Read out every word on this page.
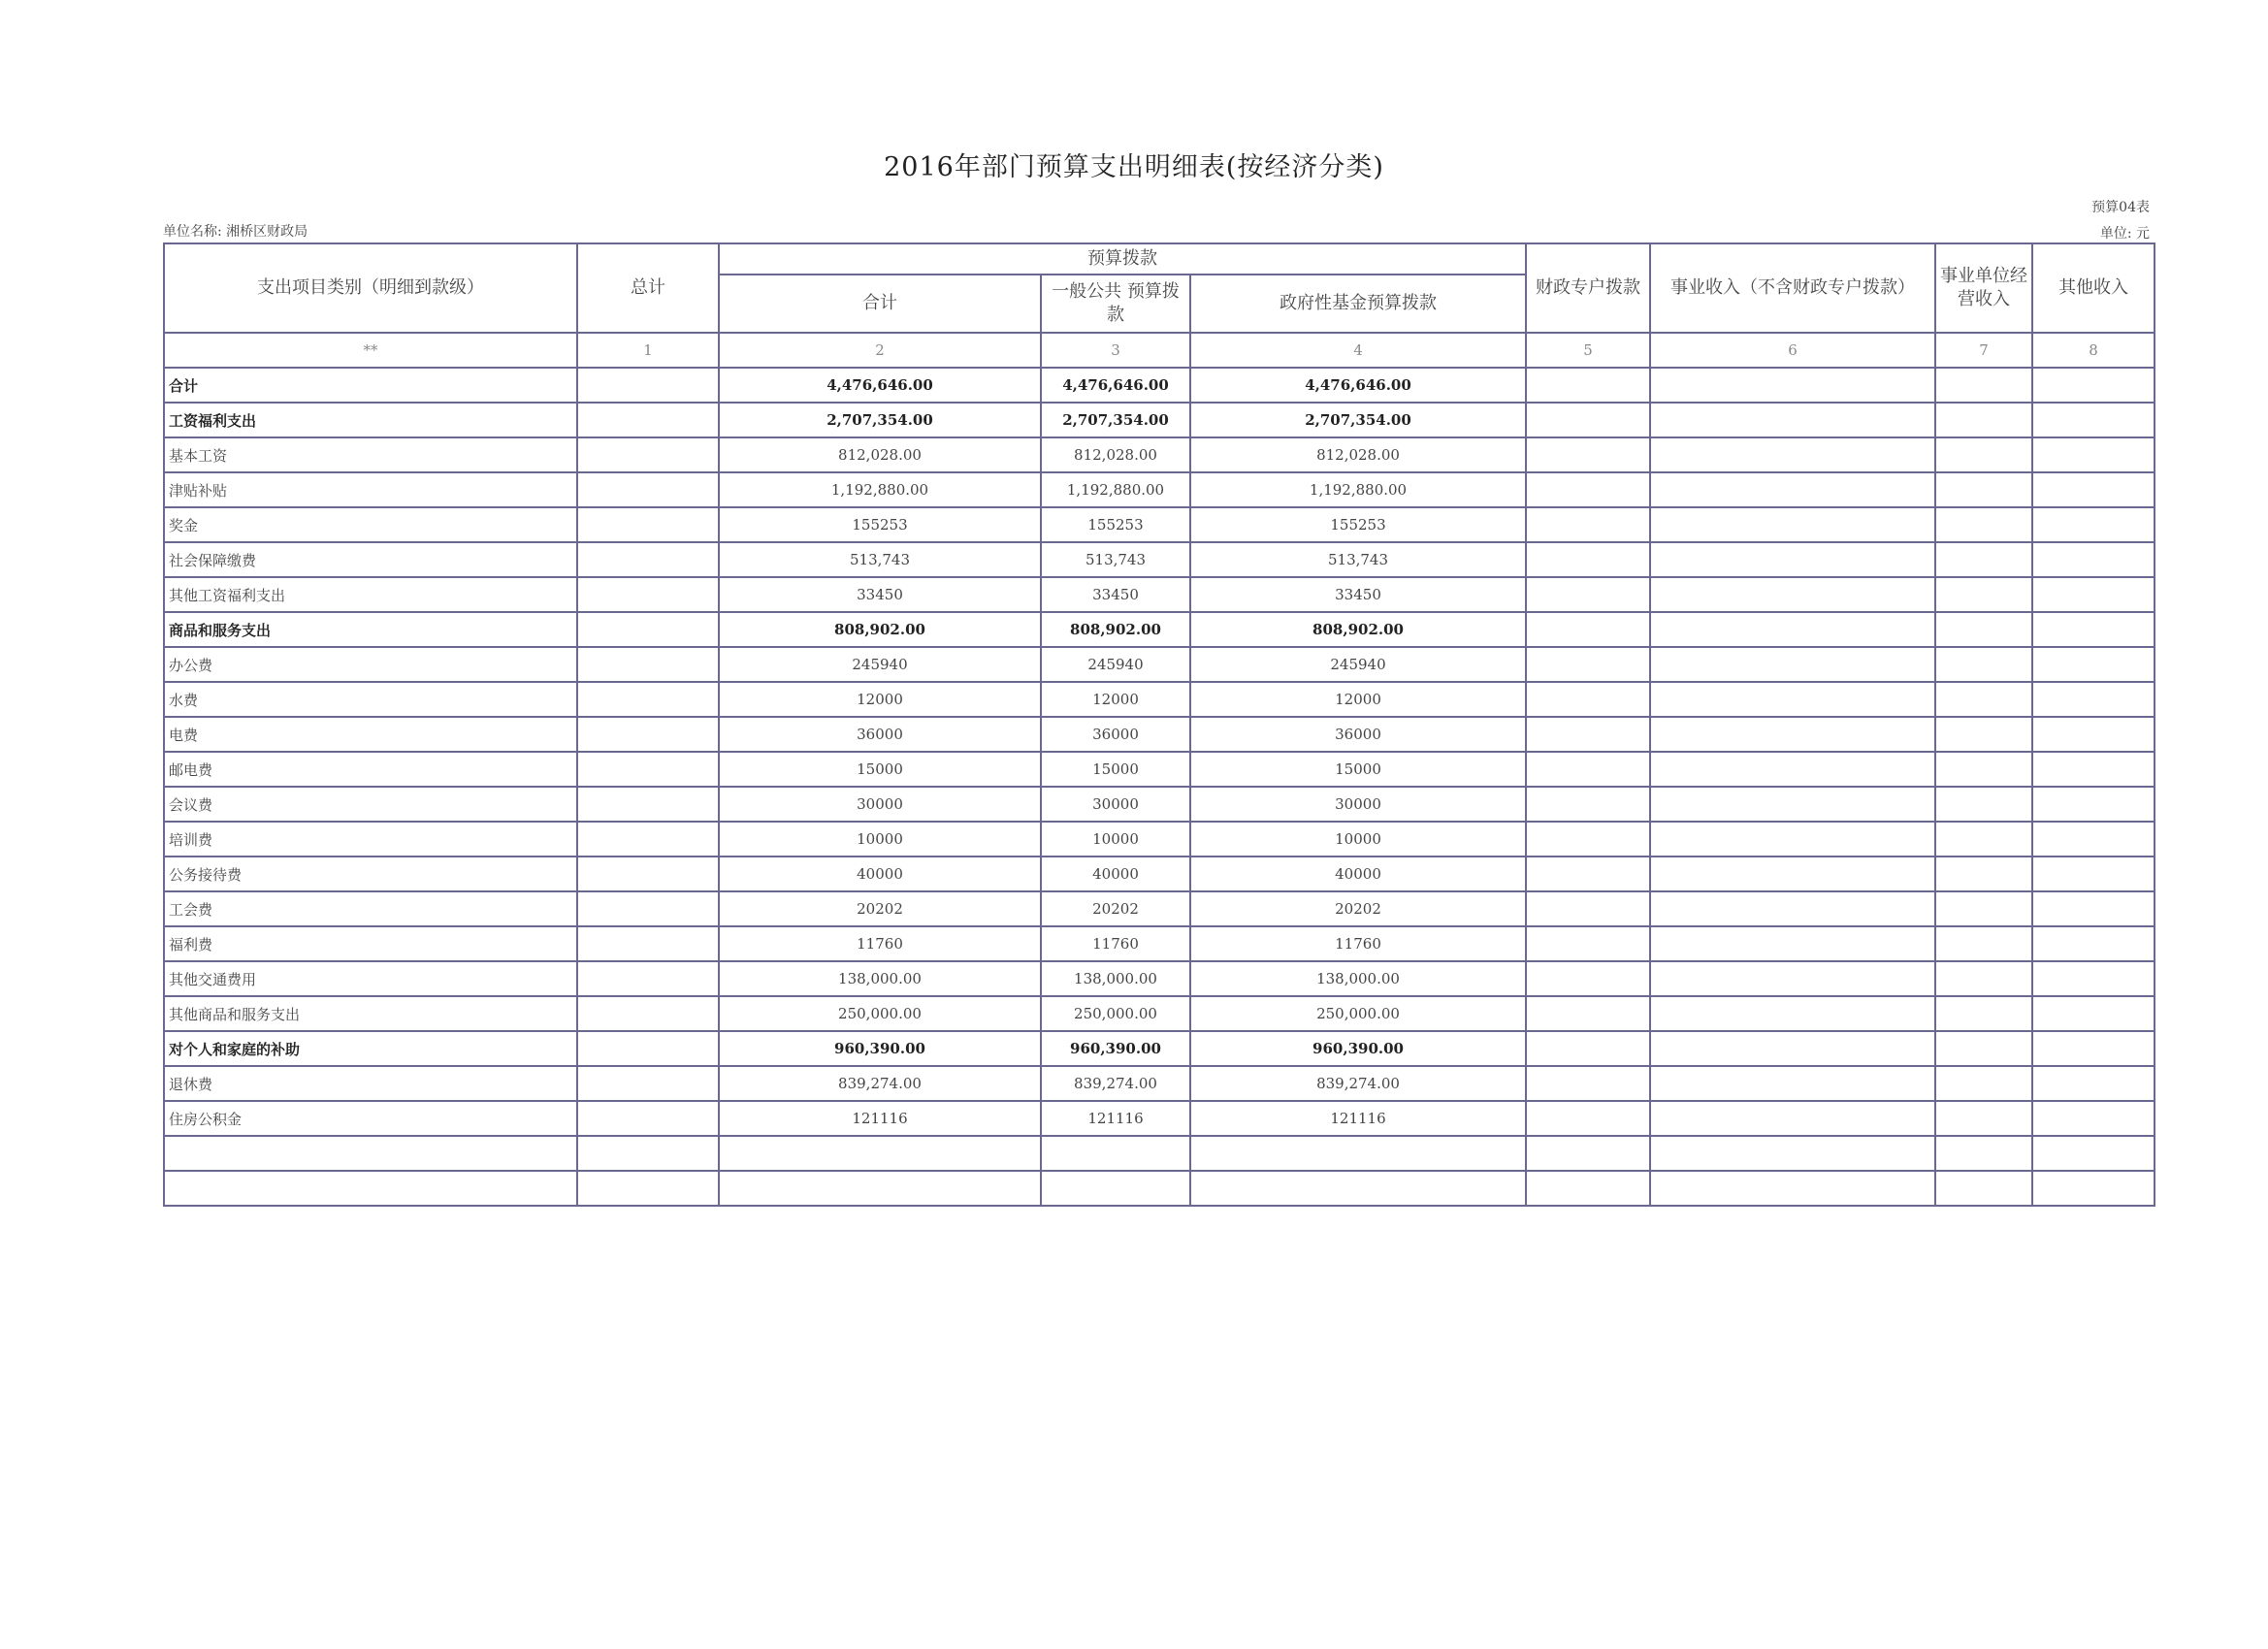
2016年部门预算支出明细表(按经济分类)
预算04表
单位: 元
单位名称: 湘桥区财政局
支出项目类别（明细到款级）	总计	预算拨款			财政专户拨款	事业收入（不含财政专户拨款）	事业单位经营收入	其他收入
		合计	一般公共 预算拨款	政府性基金预算拨款				
**	1	2	3	4	5	6	7	8
合计		4,476,646.00	4,476,646.00	4,476,646.00				
工资福利支出		2,707,354.00	2,707,354.00	2,707,354.00				
基本工资		812,028.00	812,028.00	812,028.00				
津贴补贴		1,192,880.00	1,192,880.00	1,192,880.00				
奖金		155253	155253	155253				
社会保障缴费		513,743	513,743	513,743				
其他工资福利支出		33450	33450	33450				
商品和服务支出		808,902.00	808,902.00	808,902.00				
办公费		245940	245940	245940				
水费		12000	12000	12000				
电费		36000	36000	36000				
邮电费		15000	15000	15000				
会议费		30000	30000	30000				
培训费		10000	10000	10000				
公务接待费		40000	40000	40000				
工会费		20202	20202	20202				
福利费		11760	11760	11760				
其他交通费用		138,000.00	138,000.00	138,000.00				
其他商品和服务支出		250,000.00	250,000.00	250,000.00				
对个人和家庭的补助		960,390.00	960,390.00	960,390.00				
退休费		839,274.00	839,274.00	839,274.00				
住房公积金		121116	121116	121116				
